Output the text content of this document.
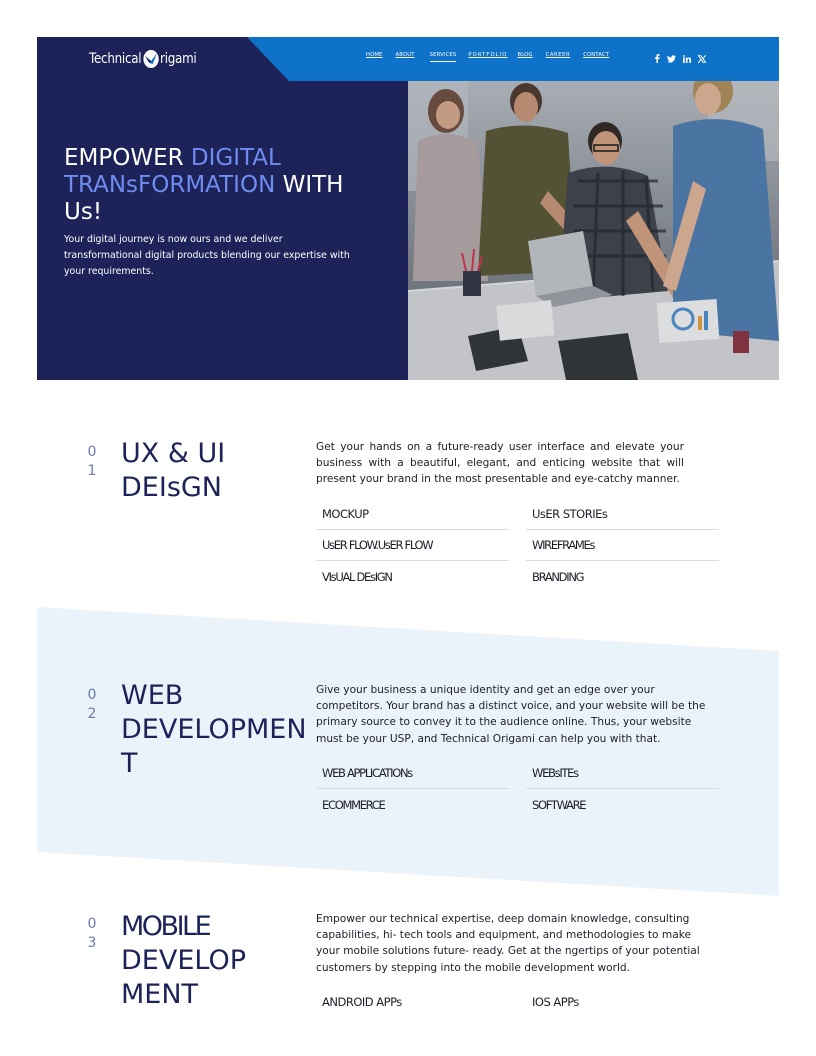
Technical rigami	HOME	ABOUT	SERVICES PORTFOLIO BLOG	CAREER	CONTACT
EMPOWER DIGITAL
TRANsFORMATION WITH
Us!

Your digital journey is now ours and we deliver transformational digital products blending our expertise with your requirements.

0
1
UX & UI
DEIsGN

Get your hands on a future-ready user interface and elevate your business with a beautiful, elegant, and enticing website that will present your brand in the most presentable and eye-catchy manner.

MOCKUP	UsER STORIEs
UsER FLOW.UsER FLOW	WIREFRAMEs
VIsUAL DEsIGN	BRANDING
0
2
WEB
DEVELOPMEN
T

Give your business a unique identity and get an edge over your competitors. Your brand has a distinct voice, and your website will be the primary source to convey it to the audience online. Thus, your website must be your USP, and Technical Origami can help you with that.

WEB APPLICATIONs	WEBsITEs
ECOMMERCE	SOFTWARE
0
3
MOBILE
DEVELOP
MENT

Empower our technical expertise, deep domain knowledge, consulting capabilities, hi- tech tools and equipment, and methodologies to make your mobile solutions future- ready. Get at the ngertips of your potential customers by stepping into the mobile development world.

ANDROID APPs	IOS APPs
